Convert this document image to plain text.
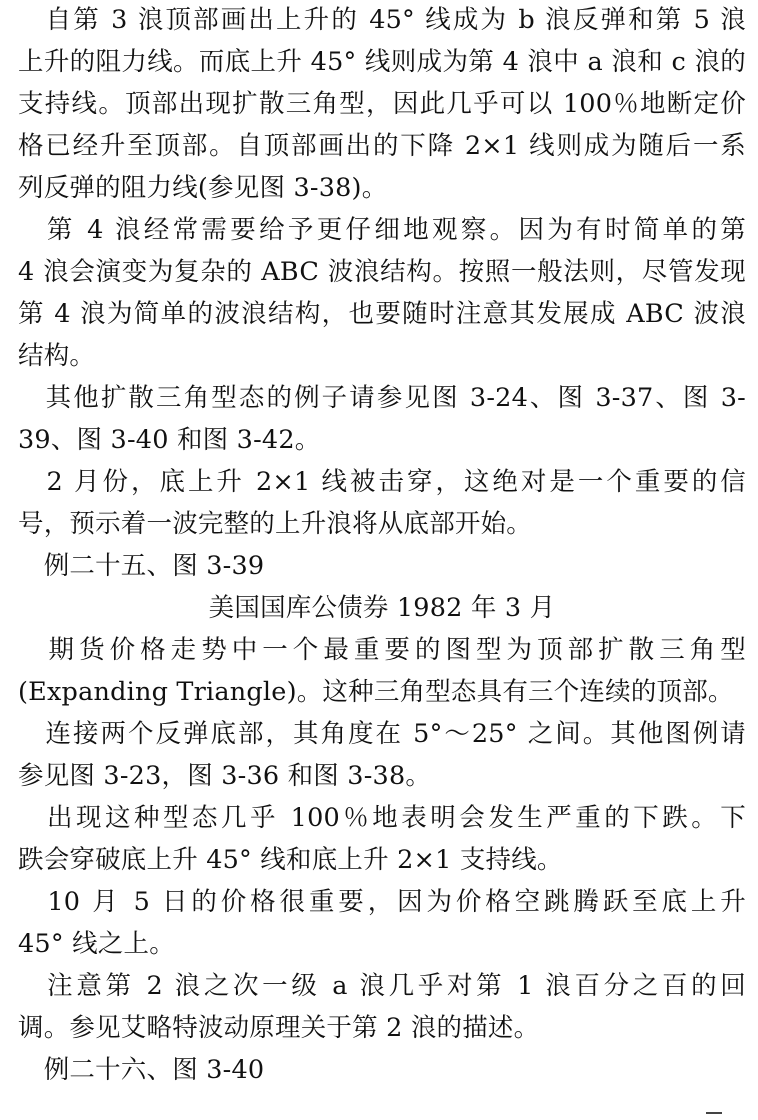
　自第 3 浪顶部画出上升的 45° 线成为 b 浪反弹和第 5 浪
上升的阻力线。而底上升 45° 线则成为第 4 浪中 a 浪和 c 浪的
支持线。顶部出现扩散三角型，因此几乎可以 100％地断定价
格已经升至顶部。自顶部画出的下降 2×1 线则成为随后一系
列反弹的阻力线(参见图 3-38)。
　第 4 浪经常需要给予更仔细地观察。因为有时简单的第
4 浪会演变为复杂的 ABC 波浪结构。按照一般法则，尽管发现
第 4 浪为简单的波浪结构，也要随时注意其发展成 ABC 波浪
结构。
　其他扩散三角型态的例子请参见图 3-24、图 3-37、图 3-
39、图 3-40 和图 3-42。
　2 月份，底上升 2×1 线被击穿，这绝对是一个重要的信
号，预示着一波完整的上升浪将从底部开始。
　例二十五、图 3-39
美国国库公债券 1982 年 3 月
　期货价格走势中一个最重要的图型为顶部扩散三角型
(Expanding Triangle)。这种三角型态具有三个连续的顶部。
　连接两个反弹底部，其角度在 5°～25° 之间。其他图例请
参见图 3-23，图 3-36 和图 3-38。
　出现这种型态几乎 100％地表明会发生严重的下跌。下
跌会穿破底上升 45° 线和底上升 2×1 支持线。
　10 月 5 日的价格很重要，因为价格空跳腾跃至底上升
45° 线之上。
　注意第 2 浪之次一级 a 浪几乎对第 1 浪百分之百的回
调。参见艾略特波动原理关于第 2 浪的描述。
　例二十六、图 3-40
